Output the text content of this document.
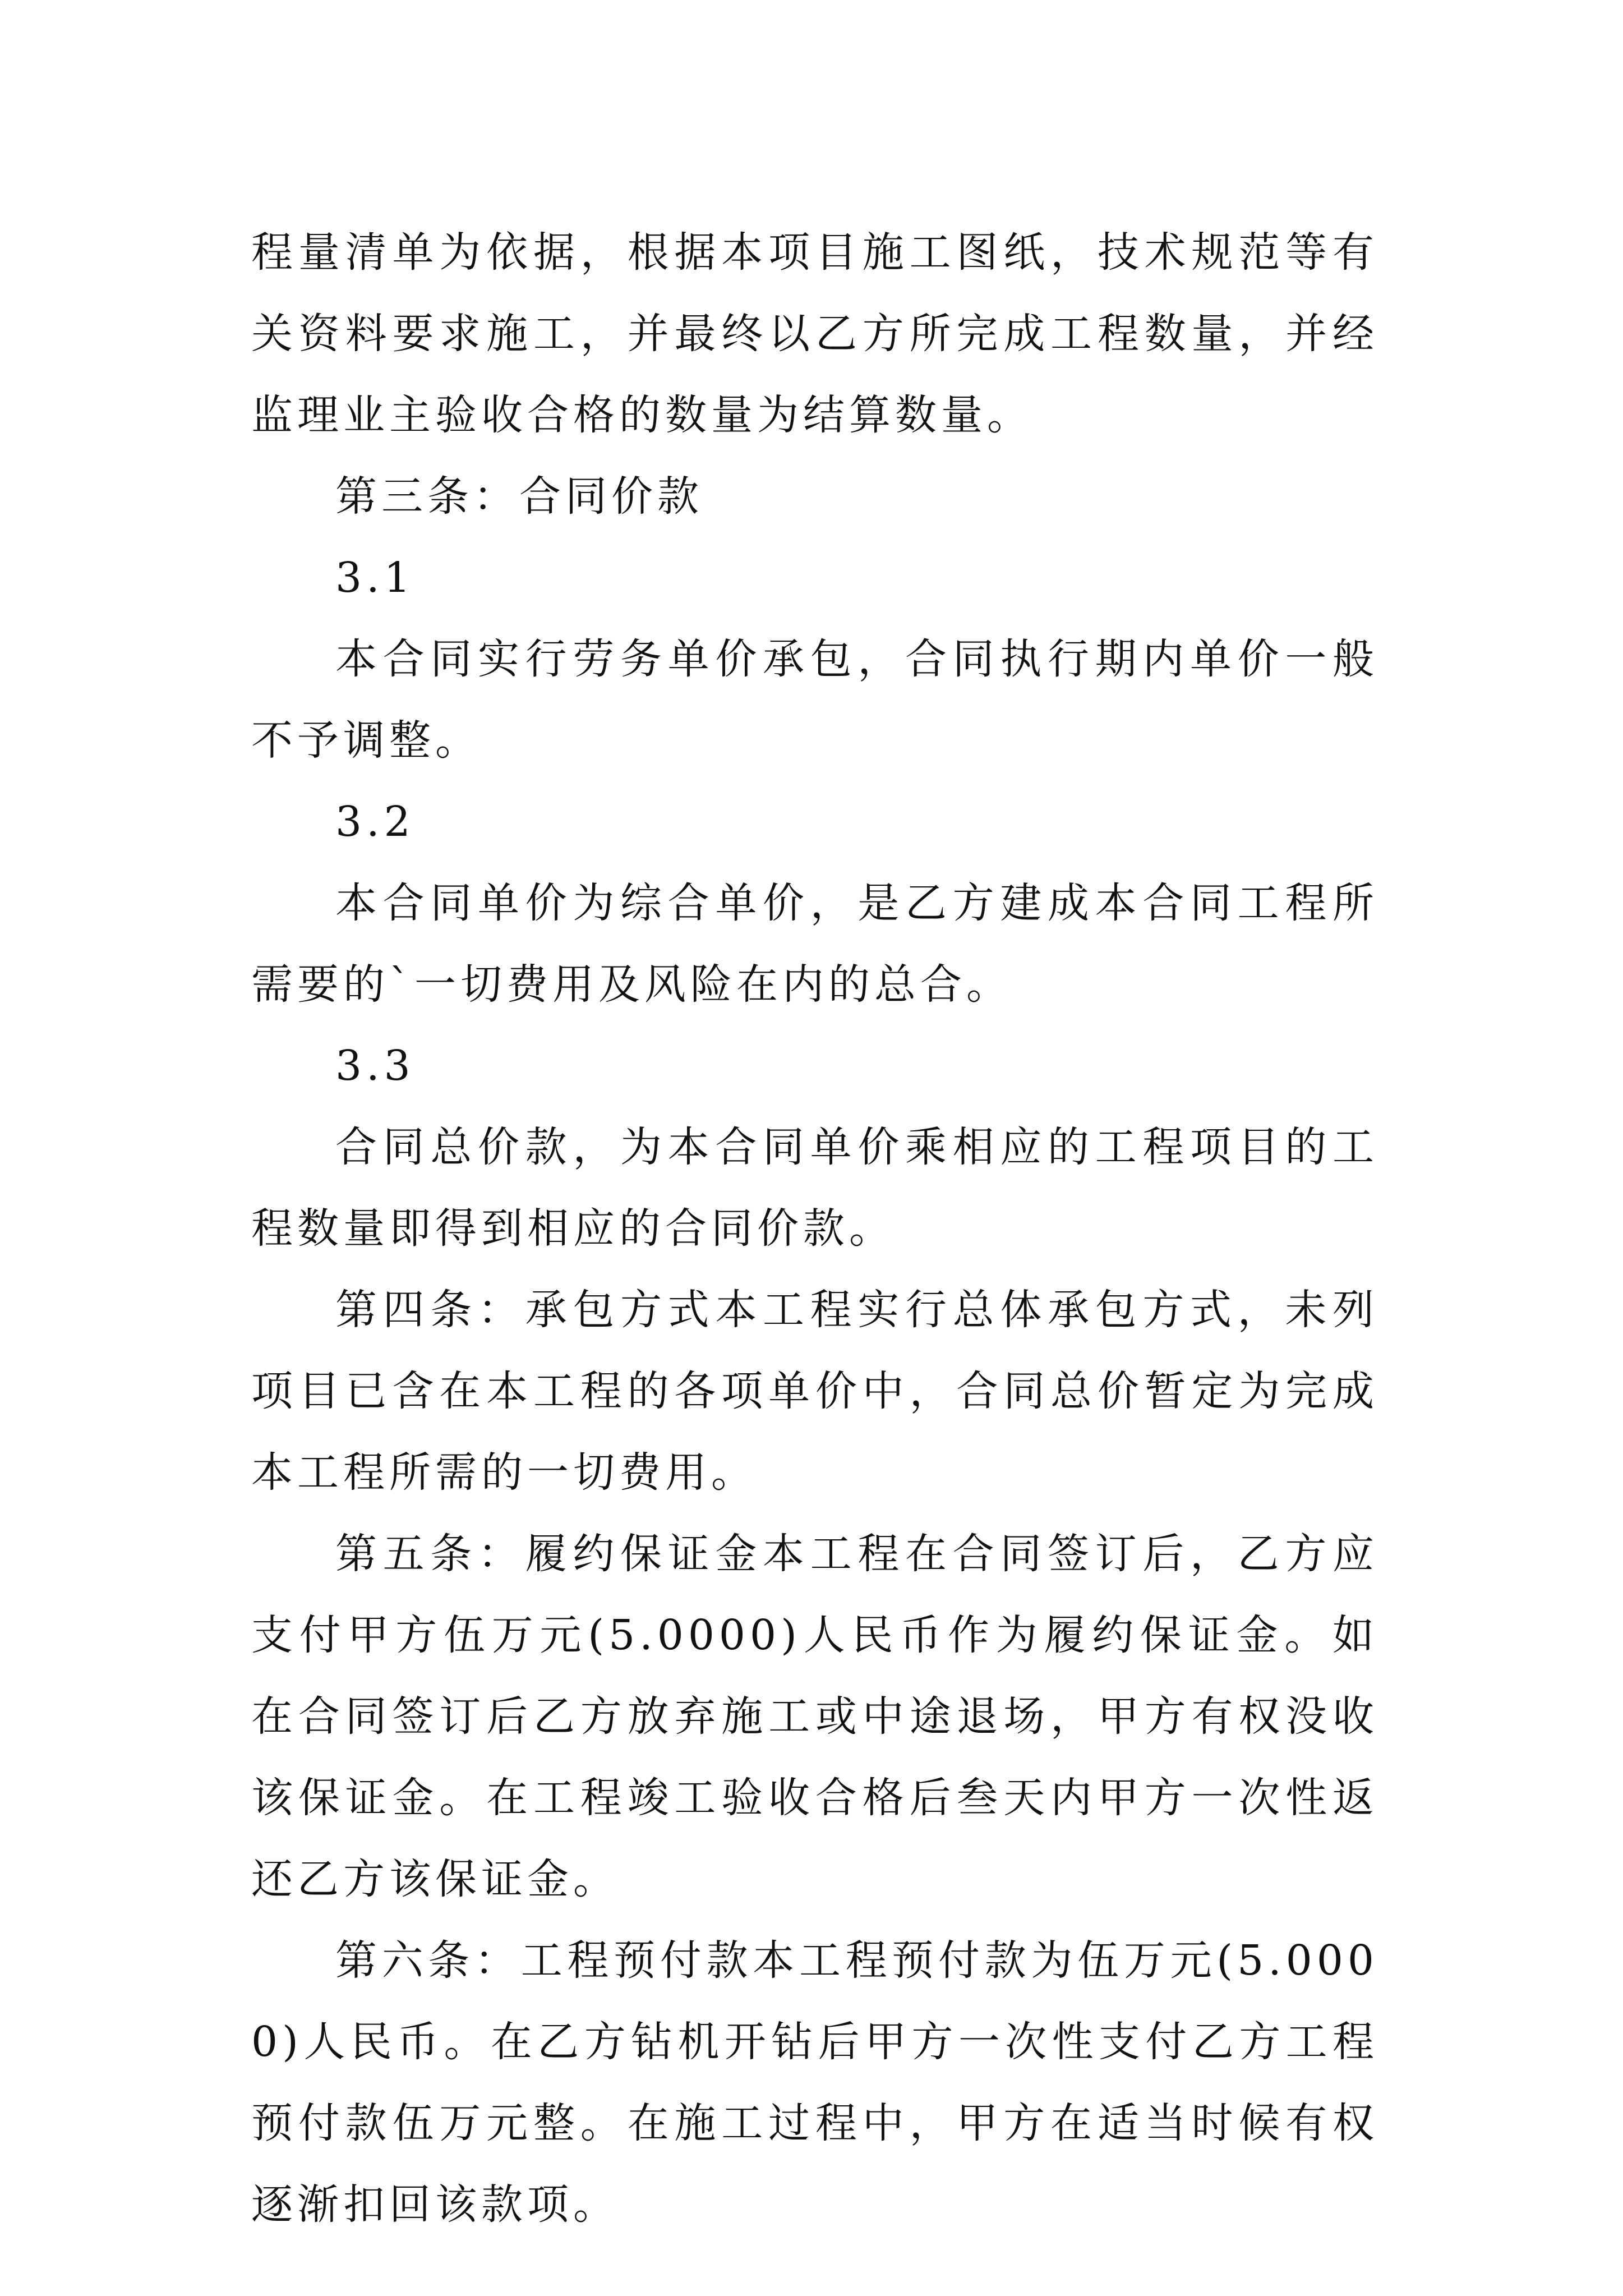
程量清单为依据，根据本项目施工图纸，技术规范等有关资料要求施工，并最终以乙方所完成工程数量，并经监理业主验收合格的数量为结算数量。

第三条：合同价款

3.1

本合同实行劳务单价承包，合同执行期内单价一般不予调整。

3.2

本合同单价为综合单价，是乙方建成本合同工程所需要的`一切费用及风险在内的总合。

3.3

合同总价款，为本合同单价乘相应的工程项目的工程数量即得到相应的合同价款。

第四条：承包方式本工程实行总体承包方式，未列项目已含在本工程的各项单价中，合同总价暂定为完成本工程所需的一切费用。

第五条：履约保证金本工程在合同签订后，乙方应支付甲方伍万元(5.0000)人民币作为履约保证金。如在合同签订后乙方放弃施工或中途退场，甲方有权没收该保证金。在工程竣工验收合格后叁天内甲方一次性返还乙方该保证金。

第六条：工程预付款本工程预付款为伍万元(5.0000)人民币。在乙方钻机开钻后甲方一次性支付乙方工程预付款伍万元整。在施工过程中，甲方在适当时候有权逐渐扣回该款项。
